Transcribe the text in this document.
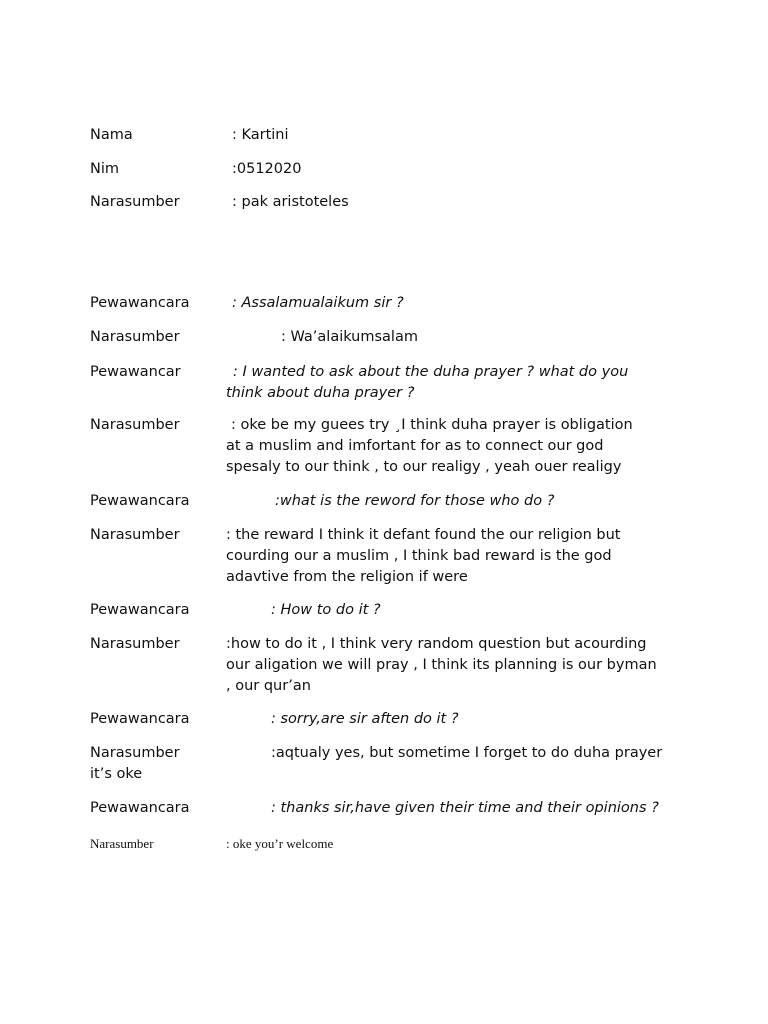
Nama	: Kartini
Nim	:0512020
Narasumber	: pak aristoteles
Pewawancara	: Assalamualaikum sir ?
Narasumber	: Wa’alaikumsalam
Pewawancar	: I wanted to ask about the duha prayer ? what do you
think about duha prayer ?
Narasumber	: oke be my guees try ¸I think duha prayer is obligation
at a muslim and imfortant for as to connect our god
spesaly to our think , to our realigy , yeah ouer realigy
Pewawancara	:what is the reword for those who do ?
Narasumber	: the reward I think it defant found the our religion but
courding our a muslim , I think bad reward is the god
adavtive from the religion if were
Pewawancara	: How to do it ?
Narasumber	:how to do it , I think very random question but acourding
our aligation we will pray , I think its planning is our byman
, our qur’an
Pewawancara	: sorry,are sir aften do it ?
Narasumber	:aqtualy yes, but sometime I forget to do duha prayer
it’s oke
Pewawancara	: thanks sir,have given their time and their opinions ?
Narasumber	: oke you’r welcome
